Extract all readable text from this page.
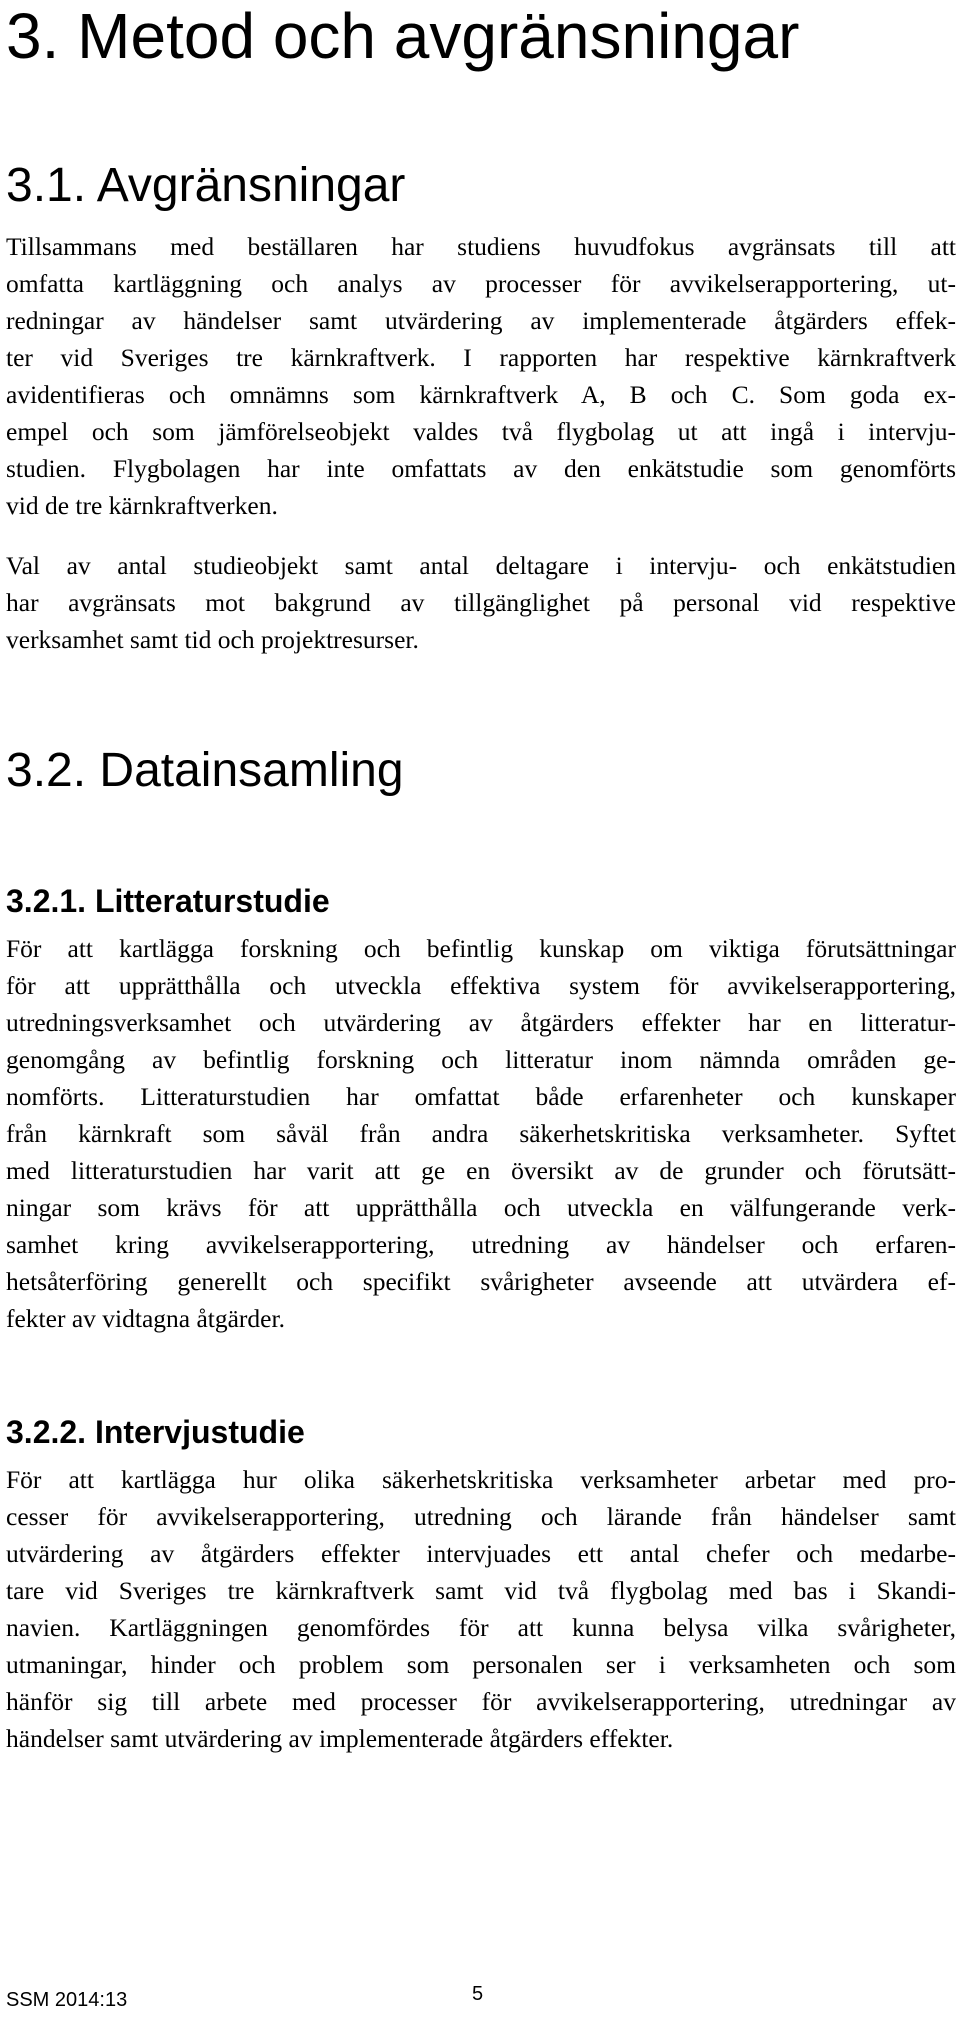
3. Metod och avgränsningar
3.1. Avgränsningar
Tillsammans med beställaren har studiens huvudfokus avgränsats till att
omfatta kartläggning och analys av processer för avvikelserapportering, ut-
redningar av händelser samt utvärdering av implementerade åtgärders effek-
ter vid Sveriges tre kärnkraftverk. I rapporten har respektive kärnkraftverk
avidentifieras och omnämns som kärnkraftverk A, B och C. Som goda ex-
empel och som jämförelseobjekt valdes två flygbolag ut att ingå i intervju-
studien. Flygbolagen har inte omfattats av den enkätstudie som genomförts
vid de tre kärnkraftverken.
Val av antal studieobjekt samt antal deltagare i intervju- och enkätstudien
har avgränsats mot bakgrund av tillgänglighet på personal vid respektive
verksamhet samt tid och projektresurser.
3.2. Datainsamling
3.2.1. Litteraturstudie
För att kartlägga forskning och befintlig kunskap om viktiga förutsättningar
för att upprätthålla och utveckla effektiva system för avvikelserapportering,
utredningsverksamhet och utvärdering av åtgärders effekter har en litteratur-
genomgång av befintlig forskning och litteratur inom nämnda områden ge-
nomförts. Litteraturstudien har omfattat både erfarenheter och kunskaper
från kärnkraft som såväl från andra säkerhetskritiska verksamheter. Syftet
med litteraturstudien har varit att ge en översikt av de grunder och förutsätt-
ningar som krävs för att upprätthålla och utveckla en välfungerande verk-
samhet kring avvikelserapportering, utredning av händelser och erfaren-
hetsåterföring generellt och specifikt svårigheter avseende att utvärdera ef-
fekter av vidtagna åtgärder.
3.2.2. Intervjustudie
För att kartlägga hur olika säkerhetskritiska verksamheter arbetar med pro-
cesser för avvikelserapportering, utredning och lärande från händelser samt
utvärdering av åtgärders effekter intervjuades ett antal chefer och medarbe-
tare vid Sveriges tre kärnkraftverk samt vid två flygbolag med bas i Skandi-
navien. Kartläggningen genomfördes för att kunna belysa vilka svårigheter,
utmaningar, hinder och problem som personalen ser i verksamheten och som
hänför sig till arbete med processer för avvikelserapportering, utredningar av
händelser samt utvärdering av implementerade åtgärders effekter.
SSM 2014:13	5
